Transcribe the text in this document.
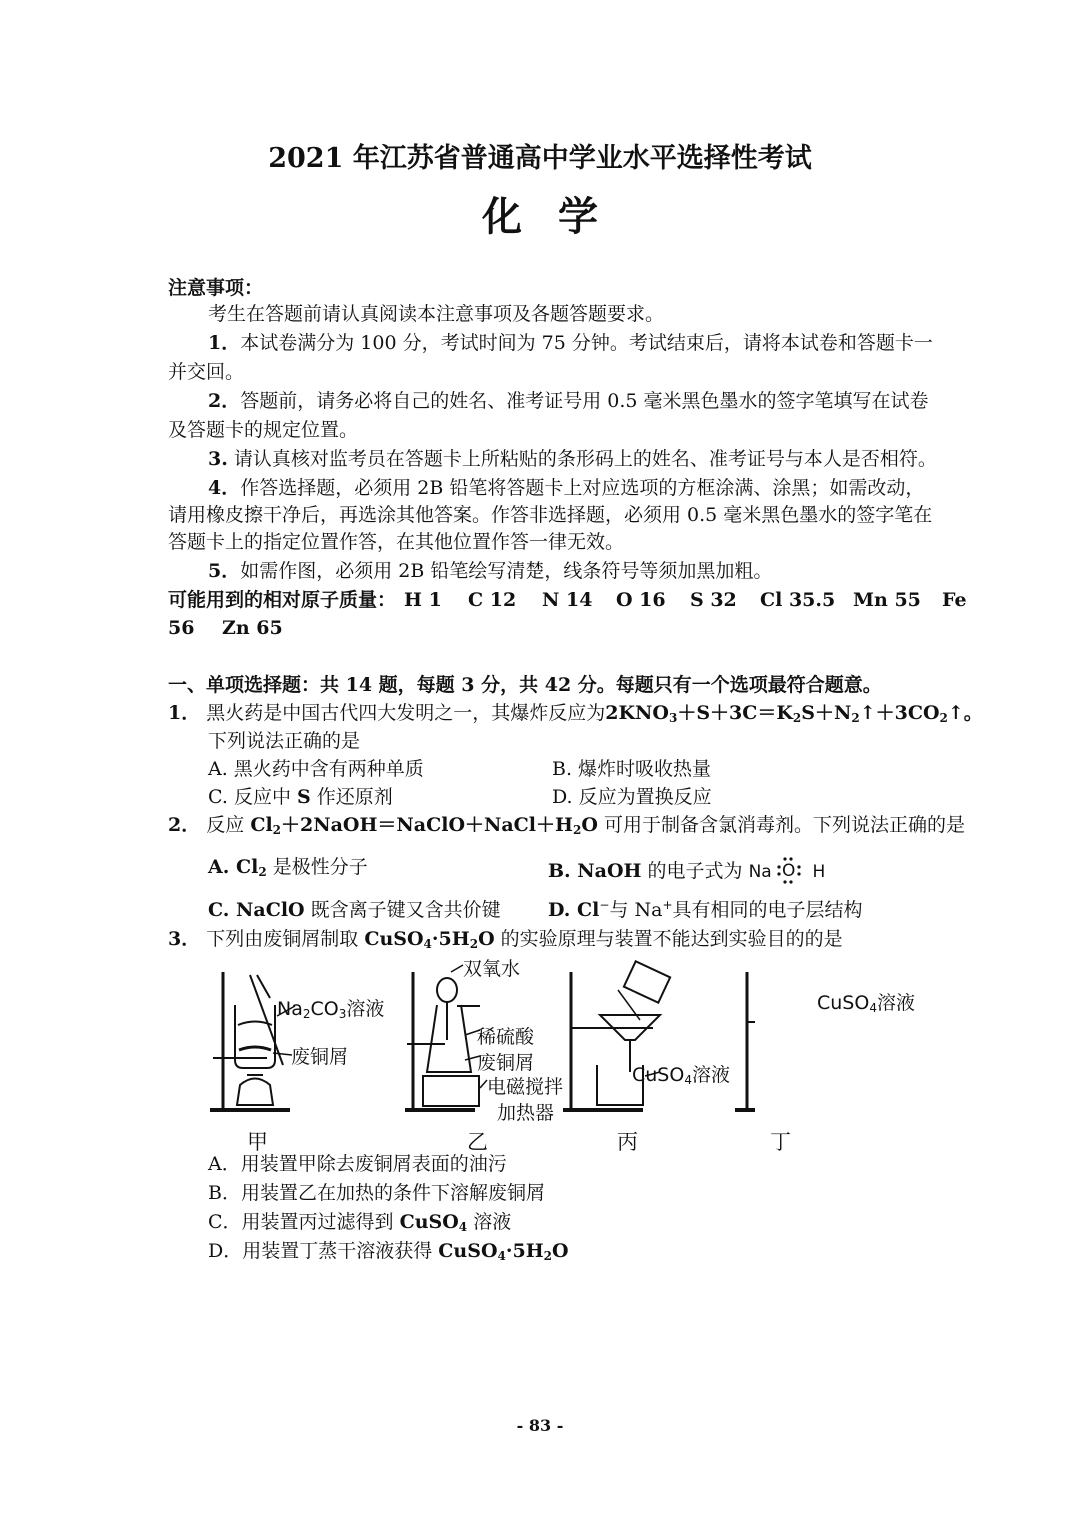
2021 年江苏省普通高中学业水平选择性考试
化学
注意事项：
考生在答题前请认真阅读本注意事项及各题答题要求。
1．本试卷满分为 100 分，考试时间为 75 分钟。考试结束后，请将本试卷和答题卡一
并交回。
2．答题前，请务必将自己的姓名、准考证号用 0.5 毫米黑色墨水的签字笔填写在试卷
及答题卡的规定位置。
3. 请认真核对监考员在答题卡上所粘贴的条形码上的姓名、准考证号与本人是否相符。
4．作答选择题，必须用 2B 铅笔将答题卡上对应选项的方框涂满、涂黑；如需改动，
请用橡皮擦干净后，再选涂其他答案。作答非选择题，必须用 0.5 毫米黑色墨水的签字笔在
答题卡上的指定位置作答，在其他位置作答一律无效。
5．如需作图，必须用 2B 铅笔绘写清楚，线条符号等须加黑加粗。
可能用到的相对原子质量： H 1 C 12 N 14 O 16 S 32 Cl 35.5 Mn 55 Fe
56 Zn 65
一、单项选择题：共 14 题，每题 3 分，共 42 分。每题只有一个选项最符合题意。
1． 黑火药是中国古代四大发明之一，其爆炸反应为$2KNO_3+S+3C=K_2S+N_2↑+3CO_2↑$。
下列说法正确的是
A. 黑火药中含有两种单质	B. 爆炸时吸收热量
C. 反应中 S 作还原剂	D. 反应为置换反应
2． 反应 $Cl_2+2NaOH=NaClO+NaCl+H_2O$ 可用于制备含氯消毒剂。下列说法正确的是
A. $Cl_2$ 是极性分子	B. NaOH 的电子式为 Na O H
C. NaClO 既含离子键又含共价键 D. Cl−与 Na+具有相同的电子层结构
3． 下列由废铜屑制取 $CuSO_4\cdot 5H_2O$ 的实验原理与装置不能达到实验目的的是
$Na_2CO_3$溶液
废铜屑
双氧水
稀硫酸
废铜屑
电磁搅拌
加热器
CuSO$_4$溶液
CuSO$_4$溶液
甲	乙	丙	丁
A．用装置甲除去废铜屑表面的油污
B．用装置乙在加热的条件下溶解废铜屑
C．用装置丙过滤得到 CuSO$_4$ 溶液
D．用装置丁蒸干溶液获得 $CuSO_4\cdot 5H_2O$
- 83 -
